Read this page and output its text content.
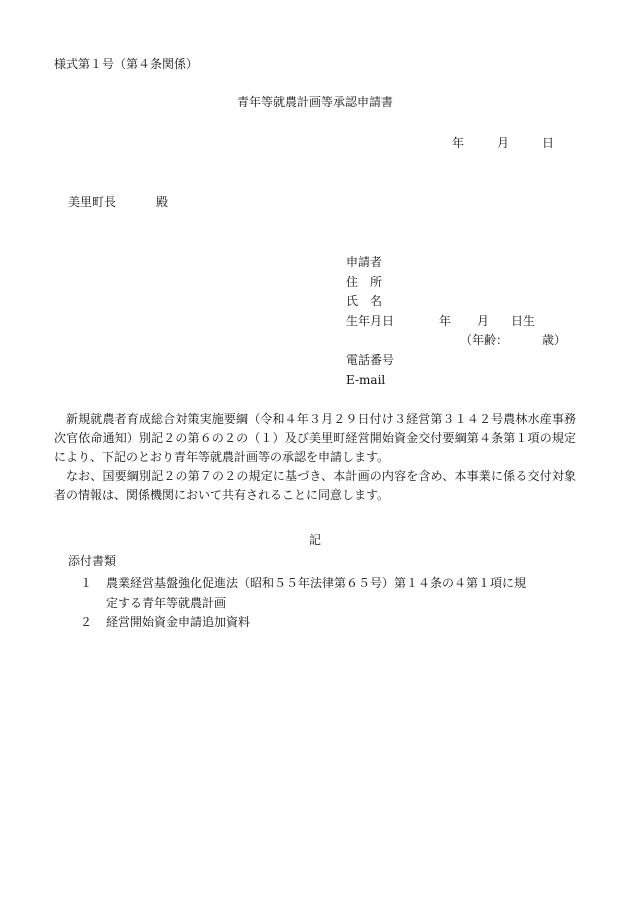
様式第１号（第４条関係）
青年等就農計画等承認申請書
年	月	日
美里町長	殿
申請者
住　所
氏　名
生年月日	年 月 日生
（年齢：	歳）
電話番号
E-mail

新規就農者育成総合対策実施要綱（令和４年３月２９日付け３経営第３１４２号農林水産事務次官依命通知）別記２の第６の２の（１）及び美里町経営開始資金交付要綱第４条第１項の規定により、下記のとおり青年等就農計画等の承認を申請します。

なお、国要綱別記２の第７の２の規定に基づき、本計画の内容を含め、本事業に係る交付対象者の情報は、関係機関において共有されることに同意します。

記
添付書類
１ 農業経営基盤強化促進法（昭和５５年法律第６５号）第１４条の４第１項に規
定する青年等就農計画
２ 経営開始資金申請追加資料
